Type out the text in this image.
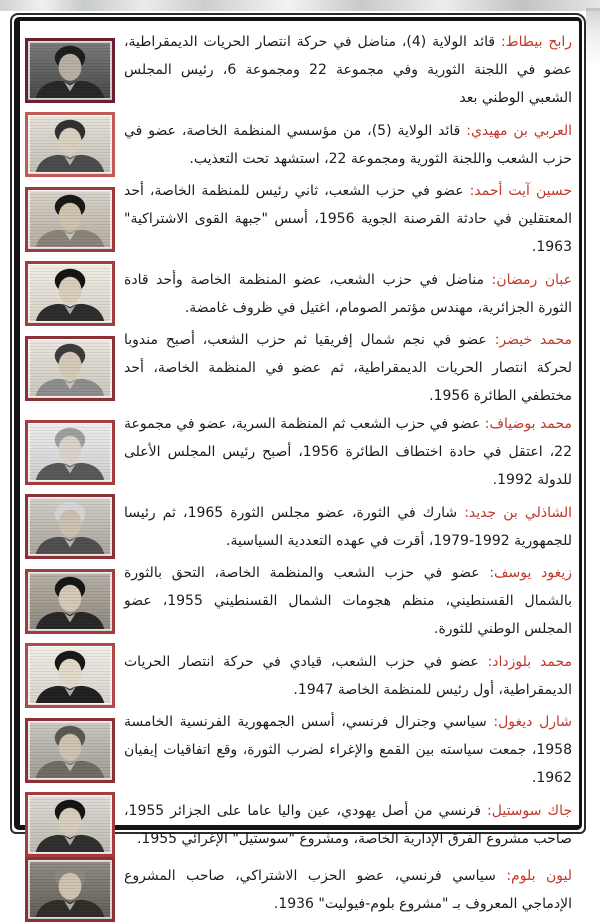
رابح بيطاط: قائد الولاية (4)، مناضل في حركة انتصار الحريات الديمقراطية، عضو في اللجنة الثورية وفي مجموعة 22 ومجموعة 6، رئيس المجلس الشعبي الوطني بعد

العربي بن مهيدي: قائد الولاية (5)، من مؤسسي المنظمة الخاصة، عضو في حزب الشعب واللجنة الثورية ومجموعة 22، استشهد تحت التعذيب.

حسين آيت أحمد: عضو في حزب الشعب، ثاني رئيس للمنظمة الخاصة، أحد المعتقلين في حادثة القرصنة الجوية 1956، أسس "جبهة القوى الاشتراكية" 1963.

عبان رمضان: مناضل في حزب الشعب، عضو المنظمة الخاصة وأحد قادة الثورة الجزائرية، مهندس مؤتمر الصومام، اغتيل في ظروف غامضة.

محمد خيضر: عضو في نجم شمال إفريقيا ثم حزب الشعب، أصبح مندوبا لحركة انتصار الحريات الديمقراطية، ثم عضو في المنظمة الخاصة، أحد مختطفي الطائرة 1956.

محمد بوضياف: عضو في حزب الشعب ثم المنظمة السرية، عضو في مجموعة 22، اعتقل في حادة اختطاف الطائرة 1956، أصبح رئيس المجلس الأعلى للدولة 1992.

الشاذلي بن جديد: شارك في الثورة، عضو مجلس الثورة 1965، ثم رئيسا للجمهورية 1992-1979، أقرت في عهده التعددية السياسية.

زيغود يوسف: عضو في حزب الشعب والمنظمة الخاصة، التحق بالثورة بالشمال القسنطيني، منظم هجومات الشمال القسنطيني 1955، عضو المجلس الوطني للثورة.

محمد بلوزداد: عضو في حزب الشعب، قيادي في حركة انتصار الحريات الديمقراطية، أول رئيس للمنظمة الخاصة 1947.

شارل ديغول: سياسي وجنرال فرنسي، أسس الجمهورية الفرنسية الخامسة 1958، جمعت سياسته بين القمع والإغراء لضرب الثورة، وقع اتفاقيات إيفيان 1962.

جاك سوستيل: فرنسي من أصل يهودي، عين واليا عاما على الجزائر 1955، صاحب مشروع الفرق الإدارية الخاصة، ومشروع "سوستيل" الإغرائي 1955.

ليون بلوم: سياسي فرنسي، عضو الحزب الاشتراكي، صاحب المشروع الإدماجي المعروف بـ "مشروع بلوم-فيوليت" 1936.
